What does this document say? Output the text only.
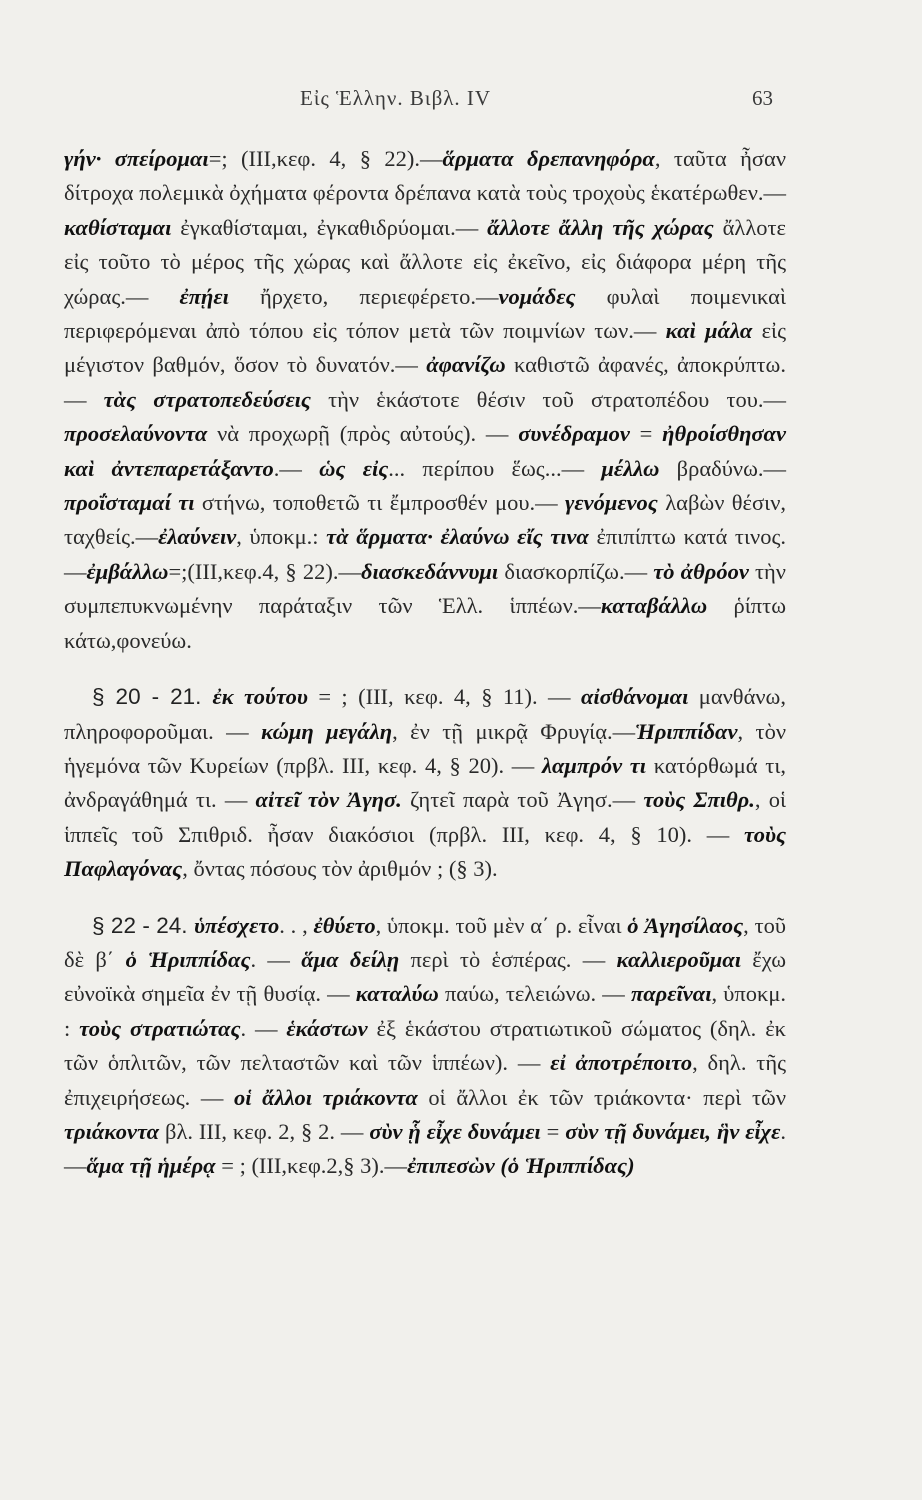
Εἰς Ἑλλην. Βιβλ. IV	63

γήν· σπείρομαι=; (ΙΙΙ,κεφ. 4, § 22).—ἅρματα δρεπανηφόρα, ταῦτα ἦσαν δίτροχα πολεμικὰ ὀχήματα φέροντα δρέπανα κατὰ τοὺς τροχοὺς ἑκατέρωθεν.— καθίσταμαι ἐγκαθίσταμαι, ἐγκαθιδρύομαι.— ἄλλοτε ἄλλη τῆς χώρας ἄλλοτε εἰς τοῦτο τὸ μέρος τῆς χώρας καὶ ἄλλοτε εἰς ἐκεῖνο, εἰς διάφορα μέρη τῆς χώρας.— ἐπῄει ἤρχετο, περιεφέρετο.—νομάδες φυλαὶ ποιμενικαὶ περιφερόμεναι ἀπὸ τόπου εἰς τόπον μετὰ τῶν ποιμνίων των.— καὶ μάλα εἰς μέγιστον βαθμόν, ὅσον τὸ δυνατόν.— ἀφανίζω καθιστῶ ἀφανές, ἀποκρύπτω.— τὰς στρατοπεδεύσεις τὴν ἑκάστοτε θέσιν τοῦ στρατοπέδου του.—προσελαύνοντα νὰ προχωρῇ (πρὸς αὐτούς). — συνέδραμον = ἠθροίσθησαν καὶ ἀντεπαρετάξαντο.— ὡς εἰς... περίπου ἕως...— μέλλω βραδύνω.— προΐσταμαί τι στήνω, τοποθετῶ τι ἔμπροσθέν μου.— γενόμενος λαβὼν θέσιν, ταχθείς.—ἐλαύνειν, ὑποκμ.: τὰ ἅρματα· ἐλαύνω εἴς τινα ἐπιπίπτω κατά τινος.—ἐμβάλλω=;(ΙΙΙ,κεφ.4, § 22).—διασκεδάννυμι διασκορπίζω.— τὸ ἀθρόον τὴν συμπεπυκνωμένην παράταξιν τῶν Ἑλλ. ἱππέων.—καταβάλλω ῥίπτω κάτω,φονεύω.

§ 20 - 21. ἐκ τούτου = ; (ΙΙΙ, κεφ. 4, § 11). — αἰσθάνομαι μανθάνω, πληροφοροῦμαι. — κώμη μεγάλη, ἐν τῇ μικρᾷ Φρυγίᾳ.—Ἡριππίδαν, τὸν ἡγεμόνα τῶν Κυρείων (πρβλ. ΙΙΙ, κεφ. 4, § 20). — λαμπρόν τι κατόρθωμά τι, ἀνδραγάθημά τι. — αἰτεῖ τὸν Ἀγησ. ζητεῖ παρὰ τοῦ Ἀγησ.— τοὺς Σπιθρ., οἱ ἱππεῖς τοῦ Σπιθριδ. ἦσαν διακόσιοι (πρβλ. ΙΙΙ, κεφ. 4, § 10). — τοὺς Παφλαγόνας, ὄντας πόσους τὸν ἀριθμόν ; (§ 3).

§ 22 - 24. ὑπέσχετο. . , ἐθύετο, ὑποκμ. τοῦ μὲν α΄ ρ. εἶναι ὁ Ἀγησίλαος, τοῦ δὲ β΄ ὁ Ἡριππίδας. — ἅμα δείλῃ περὶ τὸ ἑσπέρας. — καλλιεροῦμαι ἔχω εὐνοϊκὰ σημεῖα ἐν τῇ θυσίᾳ. — καταλύω παύω, τελειώνω. — παρεῖναι, ὑποκμ. : τοὺς στρατιώτας. — ἑκάστων ἐξ ἑκάστου στρατιωτικοῦ σώματος (δηλ. ἐκ τῶν ὁπλιτῶν, τῶν πελταστῶν καὶ τῶν ἱππέων). — εἰ ἀποτρέποιτο, δηλ. τῆς ἐπιχειρήσεως. — οἱ ἄλλοι τριάκοντα οἱ ἄλλοι ἐκ τῶν τριάκοντα· περὶ τῶν τριάκοντα βλ. ΙΙΙ, κεφ. 2, § 2. — σὺν ᾗ εἶχε δυνάμει = σὺν τῇ δυνάμει, ἣν εἶχε.—ἅμα τῇ ἡμέρᾳ = ; (ΙΙΙ,κεφ.2,§ 3).—ἐπιπεσὼν (ὁ Ἡριππίδας)
